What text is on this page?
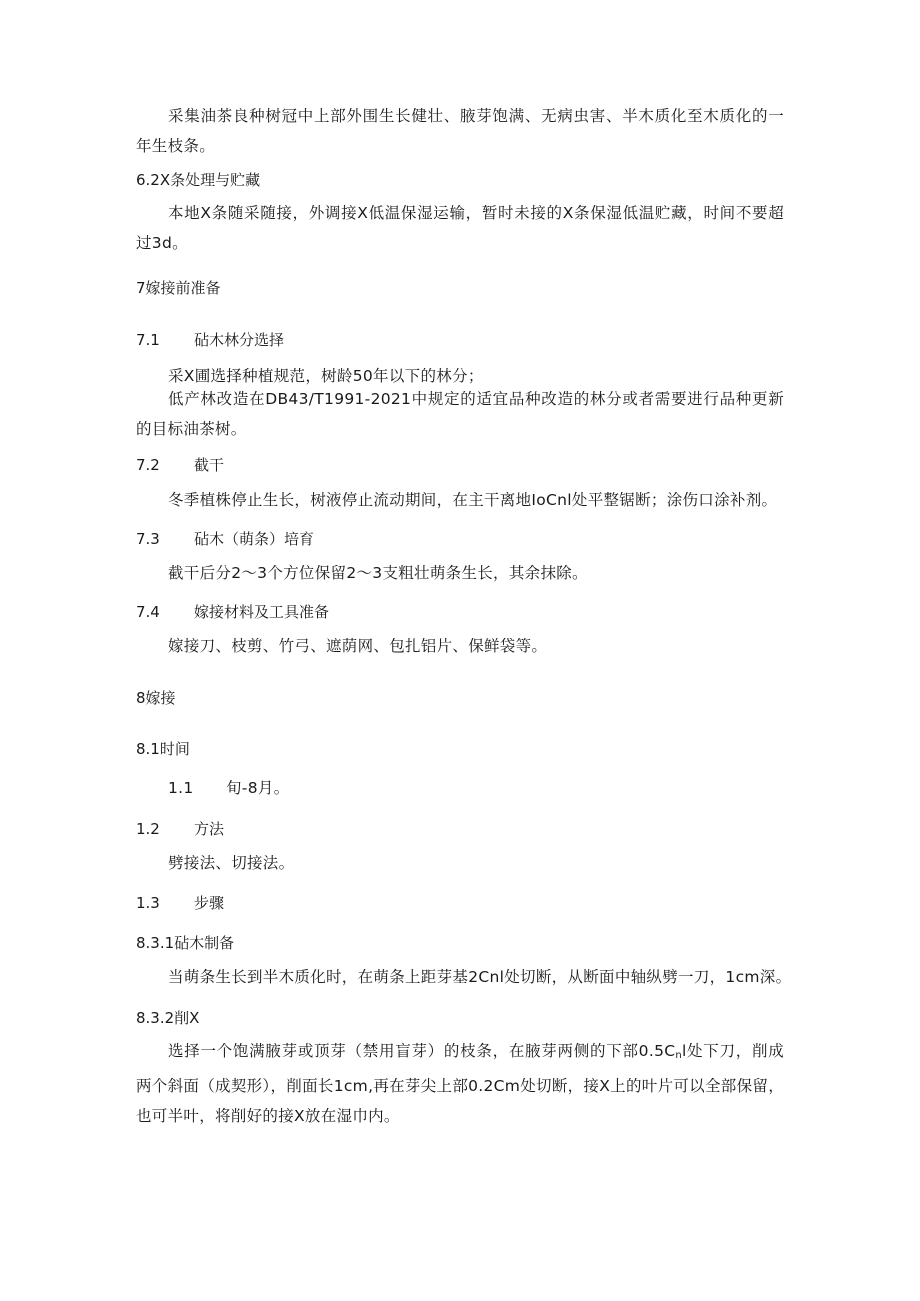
采集油茶良种树冠中上部外围生长健壮、腋芽饱满、无病虫害、半木质化至木质化的一年生枝条。

6.2X条处理与贮藏

本地X条随采随接，外调接X低温保湿运输，暂时未接的X条保湿低温贮藏，时间不要超过3d。

7嫁接前准备
7.1 砧木林分选择

采X圃选择种植规范，树龄50年以下的林分；

低产林改造在DB43/T1991-2021中规定的适宜品种改造的林分或者需要进行品种更新的目标油茶树。

7.2 截干

冬季植株停止生长，树液停止流动期间，在主干离地IoCnl处平整锯断；涂伤口涂补剂。

7.3 砧木（萌条）培育

截干后分2～3个方位保留2～3支粗壮萌条生长，其余抹除。

7.4 嫁接材料及工具准备

嫁接刀、枝剪、竹弓、遮荫网、包扎铝片、保鲜袋等。

8嫁接
8.1时间
1.1 旬-8月。
1.2 方法

劈接法、切接法。

1.3 步骤
8.3.1砧木制备

当萌条生长到半木质化时，在萌条上距芽基2Cnl处切断，从断面中轴纵劈一刀，1cm深。

8.3.2削X

选择一个饱满腋芽或顶芽（禁用盲芽）的枝条，在腋芽两侧的下部$0.5C_nl$处下刀，削成两个斜面（成契形），削面长1cm,再在芽尖上部0.2Cm处切断，接X上的叶片可以全部保留，也可半叶，将削好的接X放在湿巾内。
